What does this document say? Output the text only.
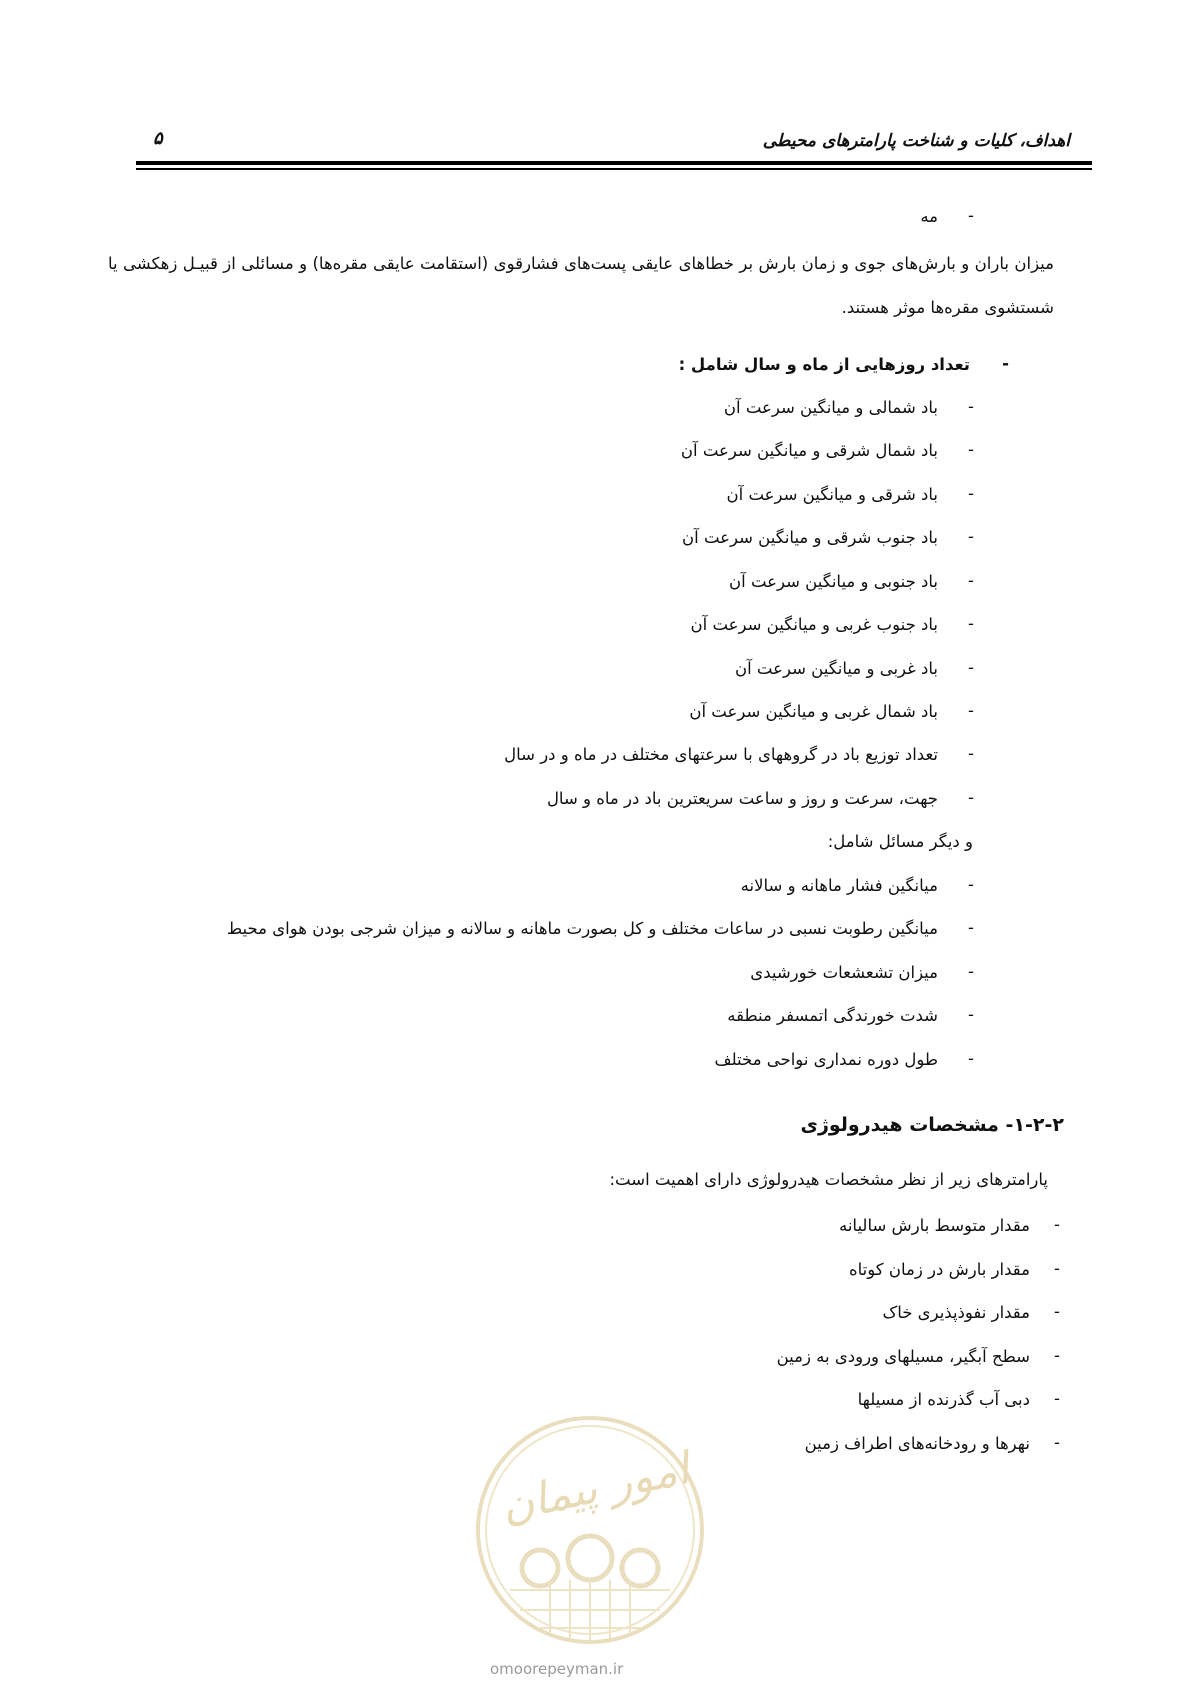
اهداف، کلیات و شناخت پارامترهای محیطی
۵
-
مه
میزان باران و بارش‌های جوی و زمان بارش بر خطاهای عایقی پست‌های فشارقوی (استقامت عایقی مقره‌ها) و مسائلی از قبیـل زهکشی یا شستشوی مقره‌ها موثر هستند.
-
تعداد روزهایی از ماه و سال شامل :
-
باد شمالی و میانگین سرعت آن
-
باد شمال شرقی و میانگین سرعت آن
-
باد شرقی و میانگین سرعت آن
-
باد جنوب شرقی و میانگین سرعت آن
-
باد جنوبی و میانگین سرعت آن
-
باد جنوب غربی و میانگین سرعت آن
-
باد غربی و میانگین سرعت آن
-
باد شمال غربی و میانگین سرعت آن
-
تعداد توزیع باد در گروههای با سرعتهای مختلف در ماه و در سال
-
جهت، سرعت و روز و ساعت سریعترین باد در ماه و سال
و دیگر مسائل شامل:
-
میانگین فشار ماهانه و سالانه
-
میانگین رطوبت نسبی در ساعات مختلف و کل بصورت ماهانه و سالانه و میزان شرجی بودن هوای محیط
-
میزان تشعشعات خورشیدی
-
شدت خورندگی اتمسفر منطقه
-
طول دوره نمداری نواحی مختلف
۱-۲-۲- مشخصات هیدرولوژی
پارامترهای زیر از نظر مشخصات هیدرولوژی دارای اهمیت است:
-
مقدار متوسط بارش سالیانه
-
مقدار بارش در زمان کوتاه
-
مقدار نفوذپذیری خاک
-
سطح آبگیر، مسیلهای ورودی به زمین
-
دبی آب گذرنده از مسیلها
-
نهرها و رودخانه‌های اطراف زمین
امور پیمان
omoorepeyman.ir
